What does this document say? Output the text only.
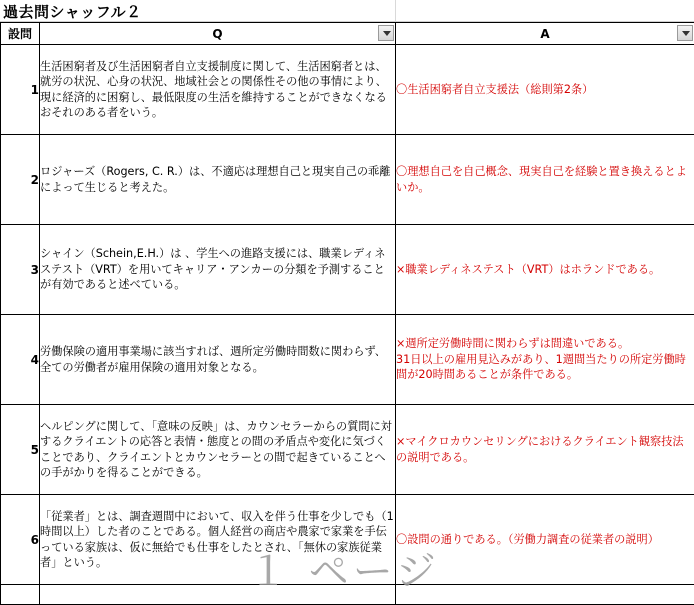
過去問シャッフル２
設問	Q	A

1	生活困窮者及び生活困窮者自立支援制度に関して、生活困窮者とは、就労の状況、心身の状況、地域社会との関係性その他の事情により、現に経済的に困窮し、最低限度の生活を維持することができなくなるおそれのある者をいう。	〇生活困窮者自立支援法（総則第2条）

2	ロジャーズ（Rogers, C. R.）は、不適応は理想自己と現実自己の乖離によって生じると考えた。	〇理想自己を自己概念、現実自己を経験と置き換えるとよいか。

3	シャイン（Schein,E.H.）は 、学生への進路支援には、職業レディネステスト（VRT）を用いてキャリア・アンカーの分類を予測することが有効であると述べている。	×職業レディネステスト（VRT）はホランドである。

4	労働保険の適用事業場に該当すれば、週所定労働時間数に関わらず、全ての労働者が雇用保険の適用対象となる。	×週所定労働時間に関わらずは間違いである。
31日以上の雇用見込みがあり、1週間当たりの所定労働時間が20時間あることが条件である。

5	ヘルピングに関して、「意味の反映」は、カウンセラーからの質問に対するクライエントの応答と表情・態度との間の矛盾点や変化に気づくことであり、クライエントとカウンセラーとの間で起きていることへの手がかりを得ることができる。	×マイクロカウンセリングにおけるクライエント観察技法の説明である。

6	「従業者」とは、調査週間中において、収入を伴う仕事を少しでも（1時間以上）した者のことである。個人経営の商店や農家で家業を手伝っている家族は、仮に無給でも仕事をしたとされ、「無休の家族従業者」という。	〇設問の通りである。（労働力調査の従業者の説明）

１ ページ
